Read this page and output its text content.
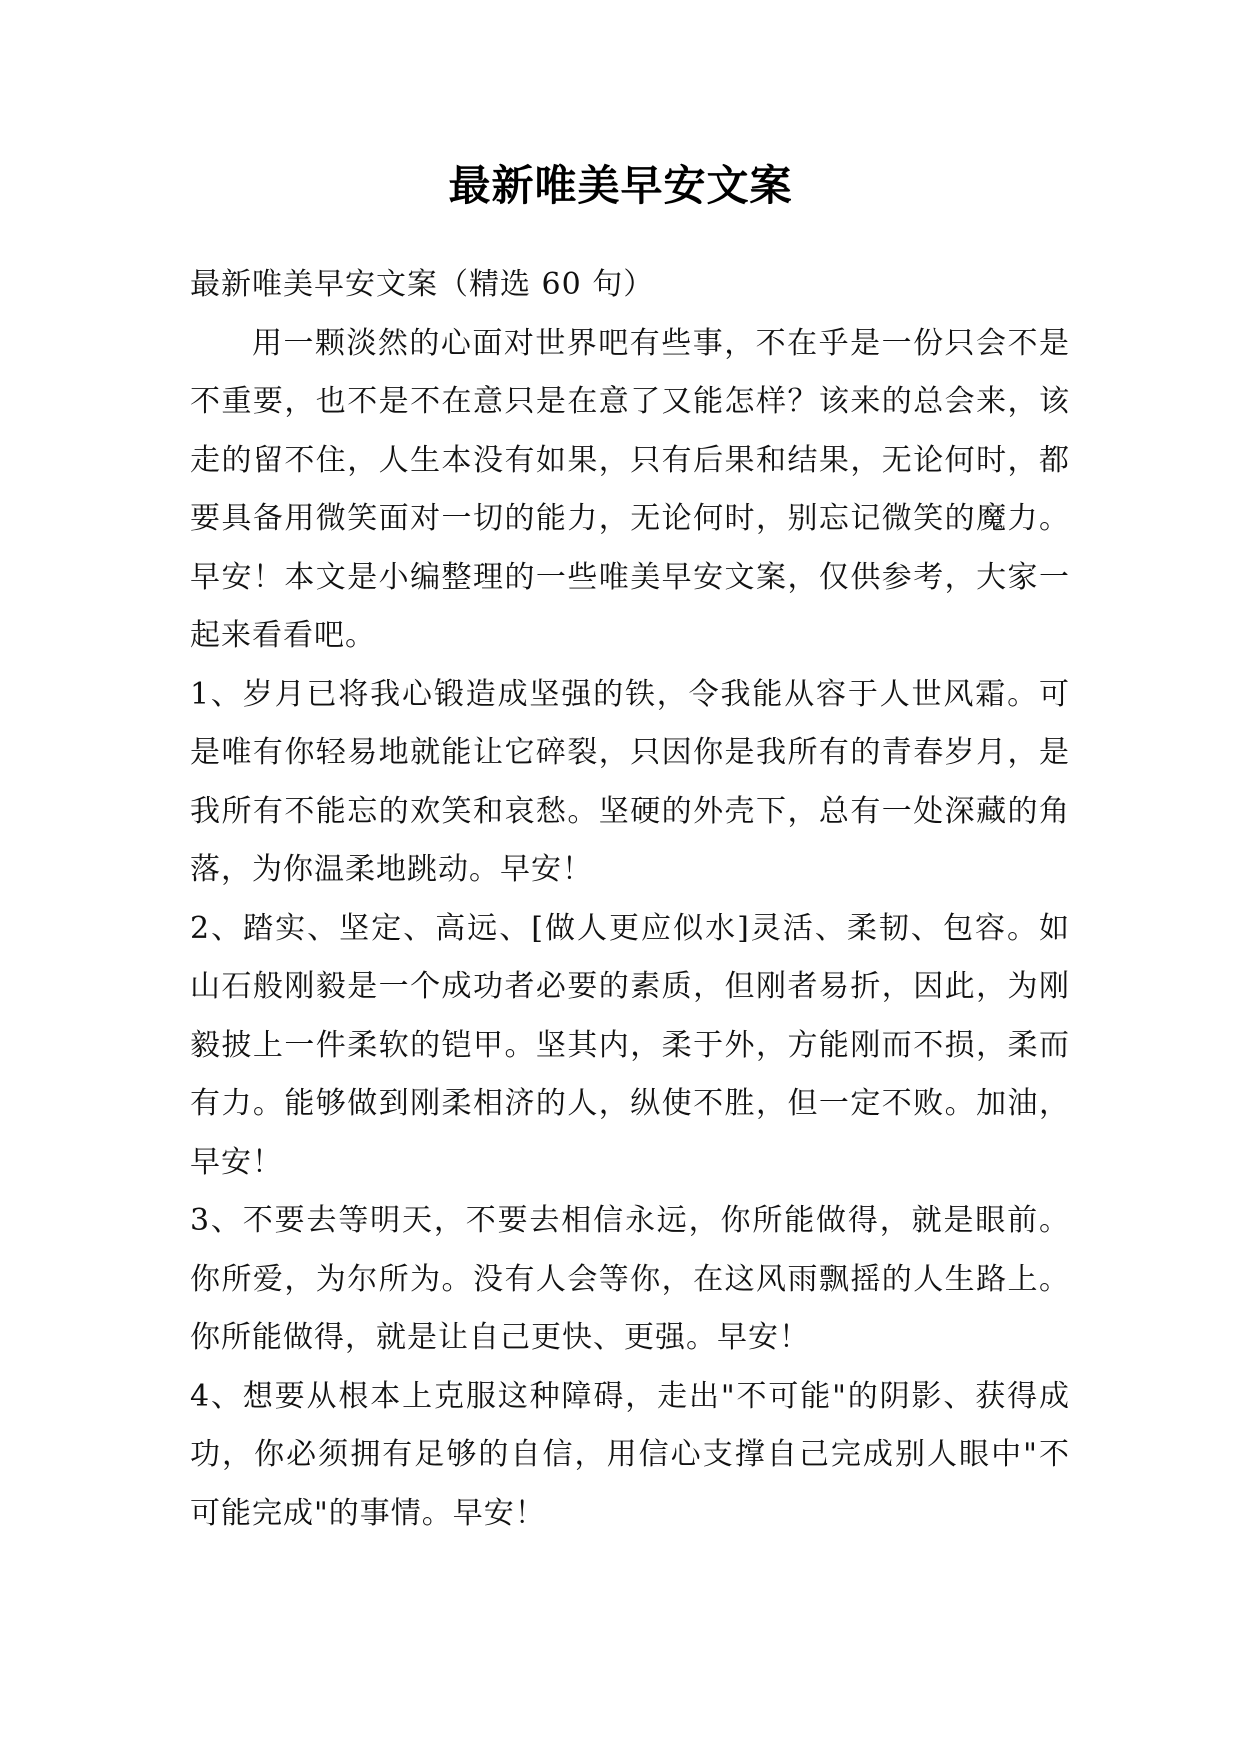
最新唯美早安文案

最新唯美早安文案（精选 60 句）

用一颗淡然的心面对世界吧有些事，不在乎是一份只会不是不重要，也不是不在意只是在意了又能怎样？该来的总会来，该走的留不住，人生本没有如果，只有后果和结果，无论何时，都要具备用微笑面对一切的能力，无论何时，别忘记微笑的魔力。早安！本文是小编整理的一些唯美早安文案，仅供参考，大家一起来看看吧。

1、岁月已将我心锻造成坚强的铁，令我能从容于人世风霜。可是唯有你轻易地就能让它碎裂，只因你是我所有的青春岁月，是我所有不能忘的欢笑和哀愁。坚硬的外壳下，总有一处深藏的角落，为你温柔地跳动。早安！

2、踏实、坚定、高远、[做人更应似水]灵活、柔韧、包容。如山石般刚毅是一个成功者必要的素质，但刚者易折，因此，为刚毅披上一件柔软的铠甲。坚其内，柔于外，方能刚而不损，柔而有力。能够做到刚柔相济的人，纵使不胜，但一定不败。加油，早安！

3、不要去等明天，不要去相信永远，你所能做得，就是眼前。你所爱，为尔所为。没有人会等你，在这风雨飘摇的人生路上。你所能做得，就是让自己更快、更强。早安！

4、想要从根本上克服这种障碍，走出"不可能"的阴影、获得成功，你必须拥有足够的自信，用信心支撑自己完成别人眼中"不可能完成"的事情。早安！
